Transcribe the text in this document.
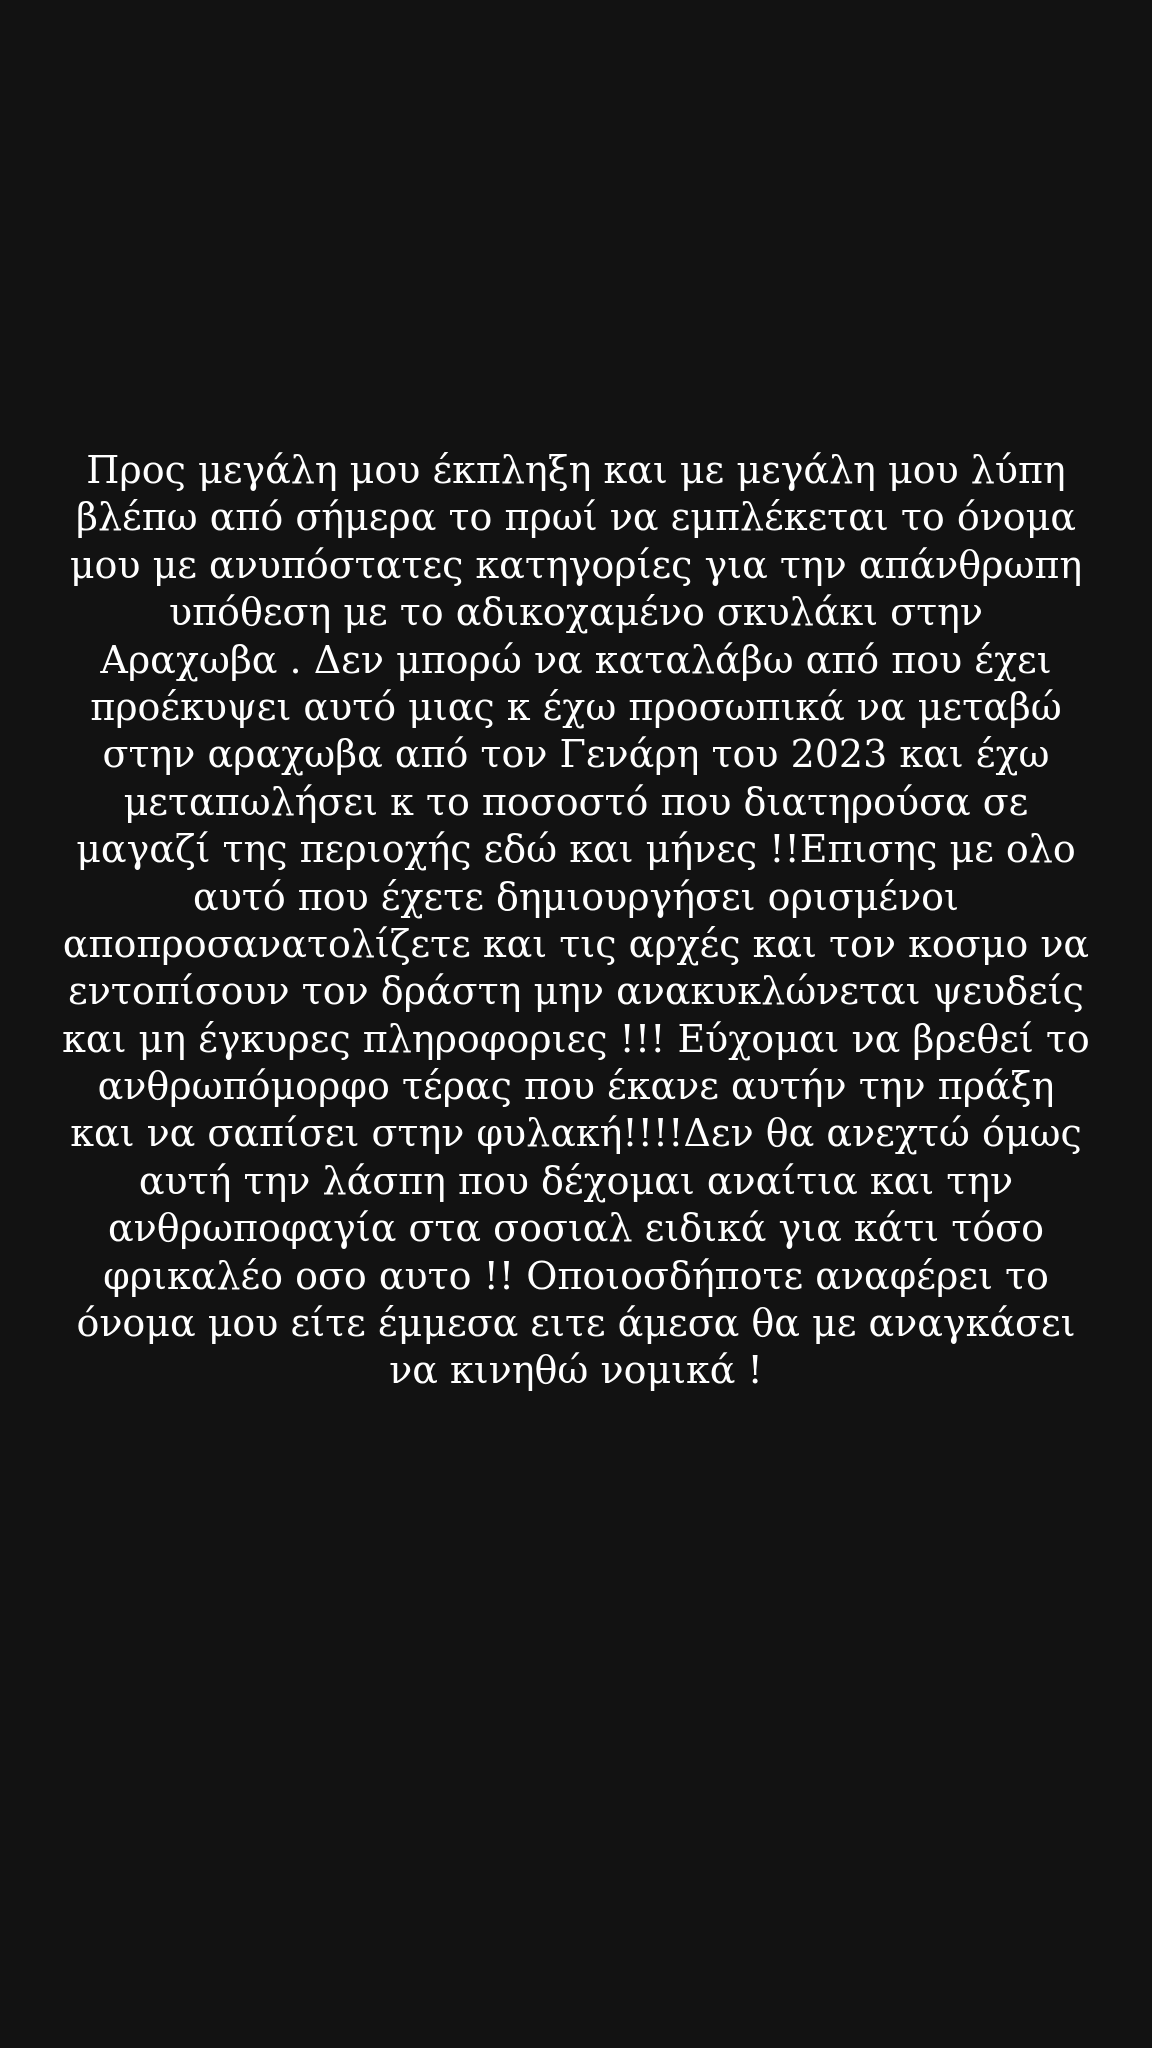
Προς μεγάλη μου έκπληξη και με μεγάλη μου λύπη
βλέπω από σήμερα το πρωί να εμπλέκεται το όνομα
μου με ανυπόστατες κατηγορίες για την απάνθρωπη
υπόθεση με το αδικοχαμένο σκυλάκι στην
Αραχωβα . Δεν μπορώ να καταλάβω από που έχει
προέκυψει αυτό μιας κ έχω προσωπικά να μεταβώ
στην αραχωβα από τον Γενάρη του 2023 και έχω
μεταπωλήσει κ το ποσοστό που διατηρούσα σε
μαγαζί της περιοχής εδώ και μήνες !!Επισης με ολο
αυτό που έχετε δημιουργήσει ορισμένοι
αποπροσανατολίζετε και τις αρχές και τον κοσμο να
εντοπίσουν τον δράστη μην ανακυκλώνεται ψευδείς
και μη έγκυρες πληροφοριες !!! Εύχομαι να βρεθεί το
ανθρωπόμορφο τέρας που έκανε αυτήν την πράξη
και να σαπίσει στην φυλακή!!!!Δεν θα ανεχτώ όμως
αυτή την λάσπη που δέχομαι αναίτια και την
ανθρωποφαγία στα σοσιαλ ειδικά για κάτι τόσο
φρικαλέο οσο αυτο !! Οποιοσδήποτε αναφέρει το
όνομα μου είτε έμμεσα ειτε άμεσα θα με αναγκάσει
να κινηθώ νομικά !
